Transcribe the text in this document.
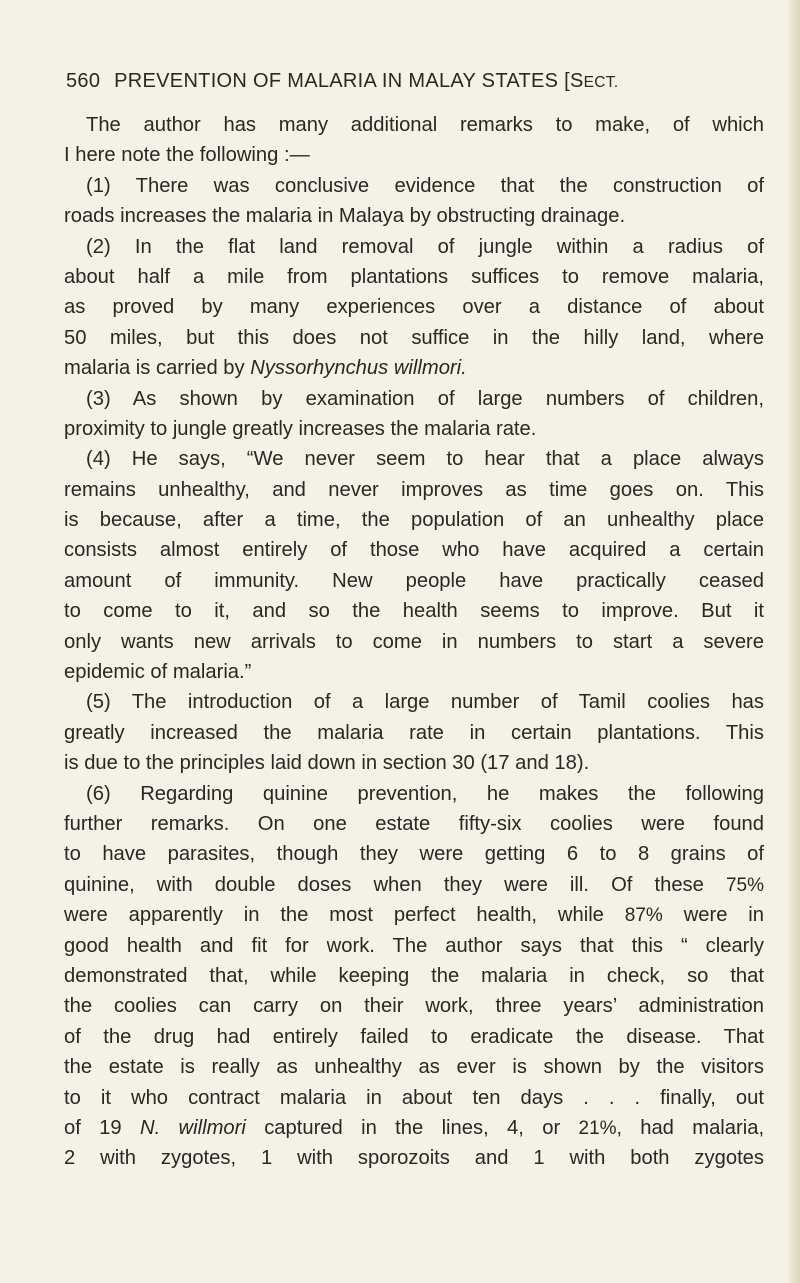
560 PREVENTION OF MALARIA IN MALAY STATES [SECT.
The author has many additional remarks to make, of which
I here note the following :—
(1) There was conclusive evidence that the construction of
roads increases the malaria in Malaya by obstructing drainage.
(2) In the flat land removal of jungle within a radius of
about half a mile from plantations suffices to remove malaria,
as proved by many experiences over a distance of about
50 miles, but this does not suffice in the hilly land, where
malaria is carried by Nyssorhynchus willmori.
(3) As shown by examination of large numbers of children,
proximity to jungle greatly increases the malaria rate.
(4) He says, “We never seem to hear that a place always
remains unhealthy, and never improves as time goes on. This
is because, after a time, the population of an unhealthy place
consists almost entirely of those who have acquired a certain
amount of immunity. New people have practically ceased
to come to it, and so the health seems to improve. But it
only wants new arrivals to come in numbers to start a severe
epidemic of malaria.”
(5) The introduction of a large number of Tamil coolies has
greatly increased the malaria rate in certain plantations. This
is due to the principles laid down in section 30 (17 and 18).
(6) Regarding quinine prevention, he makes the following
further remarks. On one estate fifty-six coolies were found
to have parasites, though they were getting 6 to 8 grains of
quinine, with double doses when they were ill. Of these 75%
were apparently in the most perfect health, while 87% were in
good health and fit for work. The author says that this “ clearly
demonstrated that, while keeping the malaria in check, so that
the coolies can carry on their work, three years’ administration
of the drug had entirely failed to eradicate the disease. That
the estate is really as unhealthy as ever is shown by the visitors
to it who contract malaria in about ten days . . . finally, out
of 19 N. willmori captured in the lines, 4, or 21%, had malaria,
2 with zygotes, 1 with sporozoits and 1 with both zygotes
